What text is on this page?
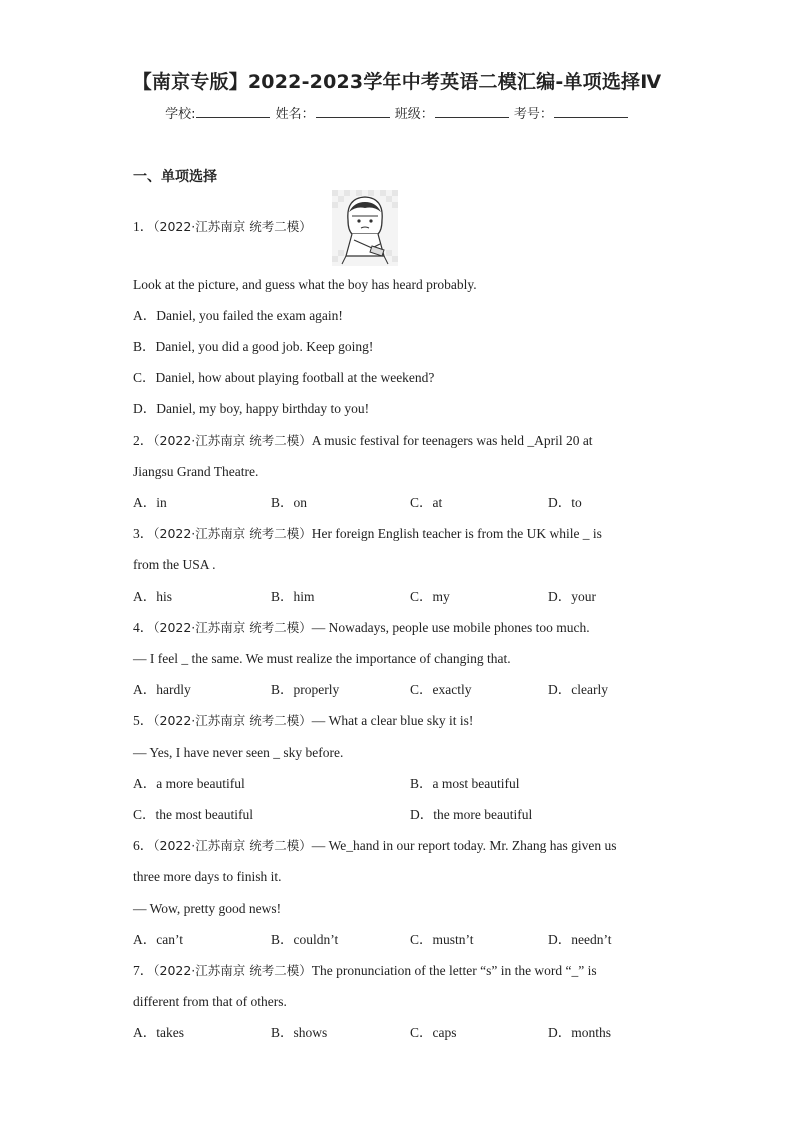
【南京专版】2022-2023学年中考英语二模汇编-单项选择Ⅳ
学校:	姓名：	班级：	考号：
一、单项选择
1．（2022·江苏南京 统考二模）
Look at the picture, and guess what the boy has heard probably.
A．Daniel, you failed the exam again!
B．Daniel, you did a good job. Keep going!
C．Daniel, how about playing football at the weekend?
D．Daniel, my boy, happy birthday to you!
2．（2022·江苏南京 统考二模）A music festival for teenagers was held _April 20 at
Jiangsu Grand Theatre.
A．in	B．on	C．at	D．to
3．（2022·江苏南京 统考二模）Her foreign English teacher is from the UK while _ is
from the USA .
A．his	B．him	C．my	D．your
4．（2022·江苏南京 统考二模）— Nowadays, people use mobile phones too much.
— I feel _ the same. We must realize the importance of changing that.
A．hardly	B．properly	C．exactly	D．clearly
5．（2022·江苏南京 统考二模）— What a clear blue sky it is!
— Yes, I have never seen _ sky before.
A．a more beautiful	B．a most beautiful
C．the most beautiful	D．the more beautiful
6．（2022·江苏南京 统考二模）— We_hand in our report today. Mr. Zhang has given us
three more days to finish it.
— Wow, pretty good news!
A．can’t	B．couldn’t	C．mustn’t	D．needn’t
7．（2022·江苏南京 统考二模）The pronunciation of the letter “s” in the word “_” is
different from that of others.
A．takes	B．shows	C．caps	D．months
